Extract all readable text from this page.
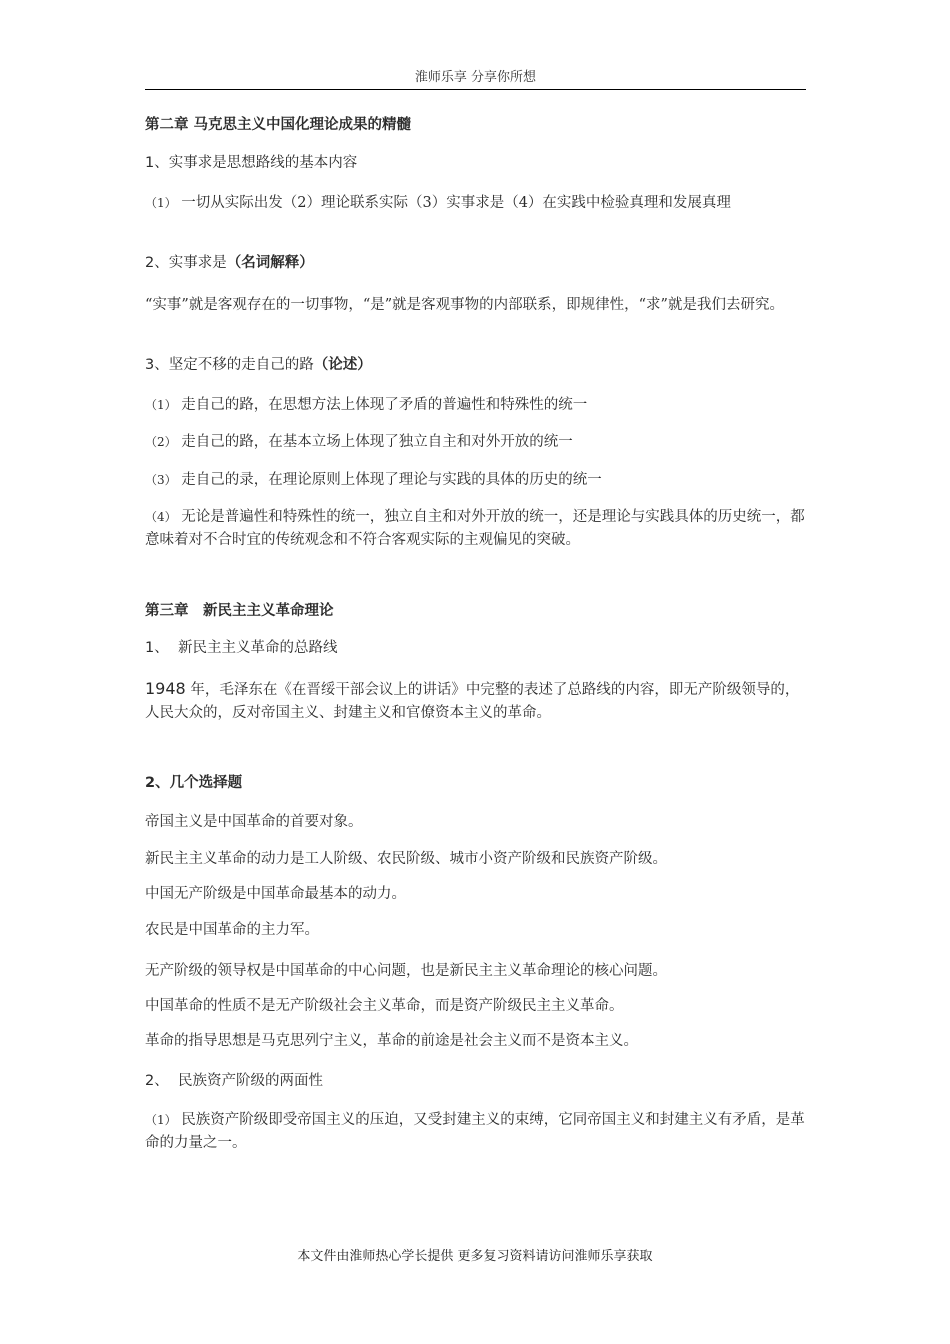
淮师乐享 分享你所想

第二章 马克思主义中国化理论成果的精髓

1、实事求是思想路线的基本内容

（1） 一切从实际出发（2）理论联系实际（3）实事求是（4）在实践中检验真理和发展真理

2、实事求是（名词解释）

“实事”就是客观存在的一切事物，“是”就是客观事物的内部联系，即规律性，“求”就是我们去研究。

3、坚定不移的走自己的路（论述）

（1） 走自己的路，在思想方法上体现了矛盾的普遍性和特殊性的统一

（2） 走自己的路，在基本立场上体现了独立自主和对外开放的统一

（3） 走自己的录，在理论原则上体现了理论与实践的具体的历史的统一

（4） 无论是普遍性和特殊性的统一，独立自主和对外开放的统一，还是理论与实践具体的历史统一，都意味着对不合时宜的传统观念和不符合客观实际的主观偏见的突破。

第三章　新民主主义革命理论

1、 新民主主义革命的总路线

1948 年，毛泽东在《在晋绥干部会议上的讲话》中完整的表述了总路线的内容，即无产阶级领导的，人民大众的，反对帝国主义、封建主义和官僚资本主义的革命。

2、几个选择题

帝国主义是中国革命的首要对象。

新民主主义革命的动力是工人阶级、农民阶级、城市小资产阶级和民族资产阶级。

中国无产阶级是中国革命最基本的动力。

农民是中国革命的主力军。

无产阶级的领导权是中国革命的中心问题，也是新民主主义革命理论的核心问题。

中国革命的性质不是无产阶级社会主义革命，而是资产阶级民主主义革命。

革命的指导思想是马克思列宁主义，革命的前途是社会主义而不是资本主义。

2、 民族资产阶级的两面性

（1） 民族资产阶级即受帝国主义的压迫，又受封建主义的束缚，它同帝国主义和封建主义有矛盾，是革命的力量之一。

本文件由淮师热心学长提供 更多复习资料请访问淮师乐享获取
